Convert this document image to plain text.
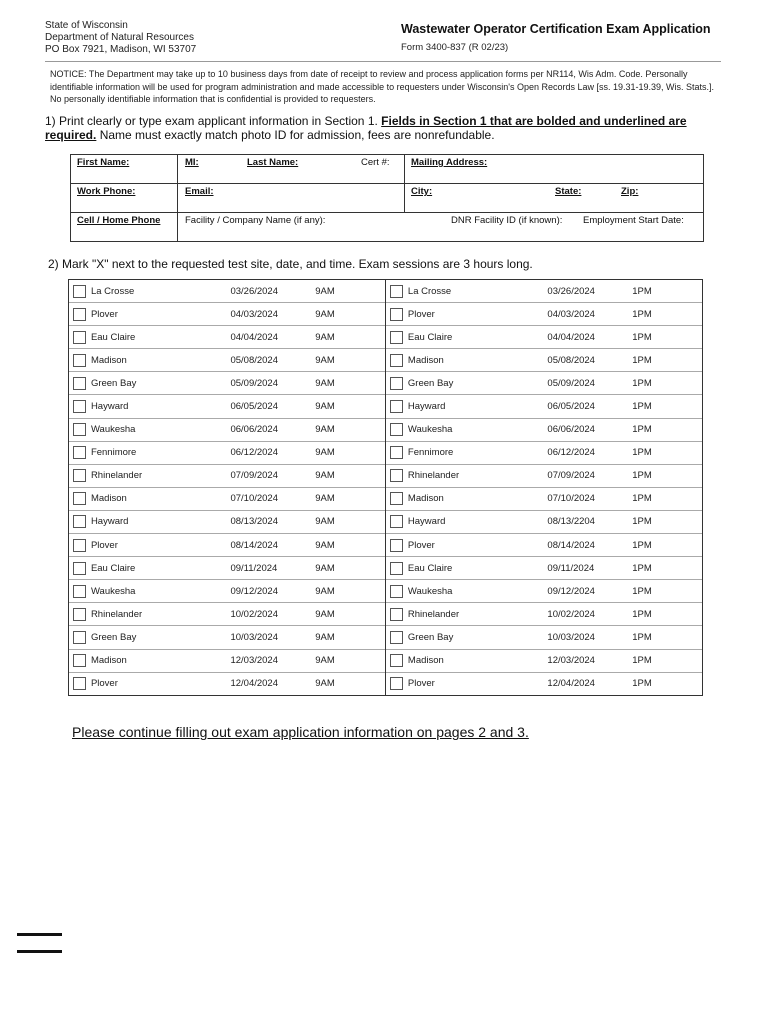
State of Wisconsin
Department of Natural Resources
PO Box 7921, Madison, WI 53707
Wastewater Operator Certification Exam Application
Form 3400-837 (R 02/23)
NOTICE: The Department may take up to 10 business days from date of receipt to review and process application forms per NR114, Wis Adm. Code. Personally identifiable information will be used for program administration and made accessible to requesters under Wisconsin's Open Records Law [ss. 19.31-19.39, Wis. Stats.]. No personally identifiable information that is confidential is provided to requesters.
1) Print clearly or type exam applicant information in Section 1. Fields in Section 1 that are bolded and underlined are required. Name must exactly match photo ID for admission, fees are nonrefundable.
First Name:	MI:	Last Name:	Cert #: Mailing Address:
Work Phone:	Email:	City:	State:	Zip:
Cell / Home Phone	Facility / Company Name (if any):	DNR Facility ID (if known): Employment Start Date:
2) Mark "X" next to the requested test site, date, and time. Exam sessions are 3 hours long.
	La Crosse	03/26/2024	9AM		La Crosse	03/26/2024	1PM
	Plover	04/03/2024	9AM		Plover	04/03/2024	1PM
	Eau Claire	04/04/2024	9AM		Eau Claire	04/04/2024	1PM
	Madison	05/08/2024	9AM		Madison	05/08/2024	1PM
	Green Bay	05/09/2024	9AM		Green Bay	05/09/2024	1PM
	Hayward	06/05/2024	9AM		Hayward	06/05/2024	1PM
	Waukesha	06/06/2024	9AM		Waukesha	06/06/2024	1PM
	Fennimore	06/12/2024	9AM		Fennimore	06/12/2024	1PM
	Rhinelander	07/09/2024	9AM		Rhinelander	07/09/2024	1PM
	Madison	07/10/2024	9AM		Madison	07/10/2024	1PM
	Hayward	08/13/2024	9AM		Hayward	08/13/2204	1PM
	Plover	08/14/2024	9AM		Plover	08/14/2024	1PM
	Eau Claire	09/11/2024	9AM		Eau Claire	09/11/2024	1PM
	Waukesha	09/12/2024	9AM		Waukesha	09/12/2024	1PM
	Rhinelander	10/02/2024	9AM		Rhinelander	10/02/2024	1PM
	Green Bay	10/03/2024	9AM		Green Bay	10/03/2024	1PM
	Madison	12/03/2024	9AM		Madison	12/03/2024	1PM
	Plover	12/04/2024	9AM		Plover	12/04/2024	1PM
Please continue filling out exam application information on pages 2 and 3.
